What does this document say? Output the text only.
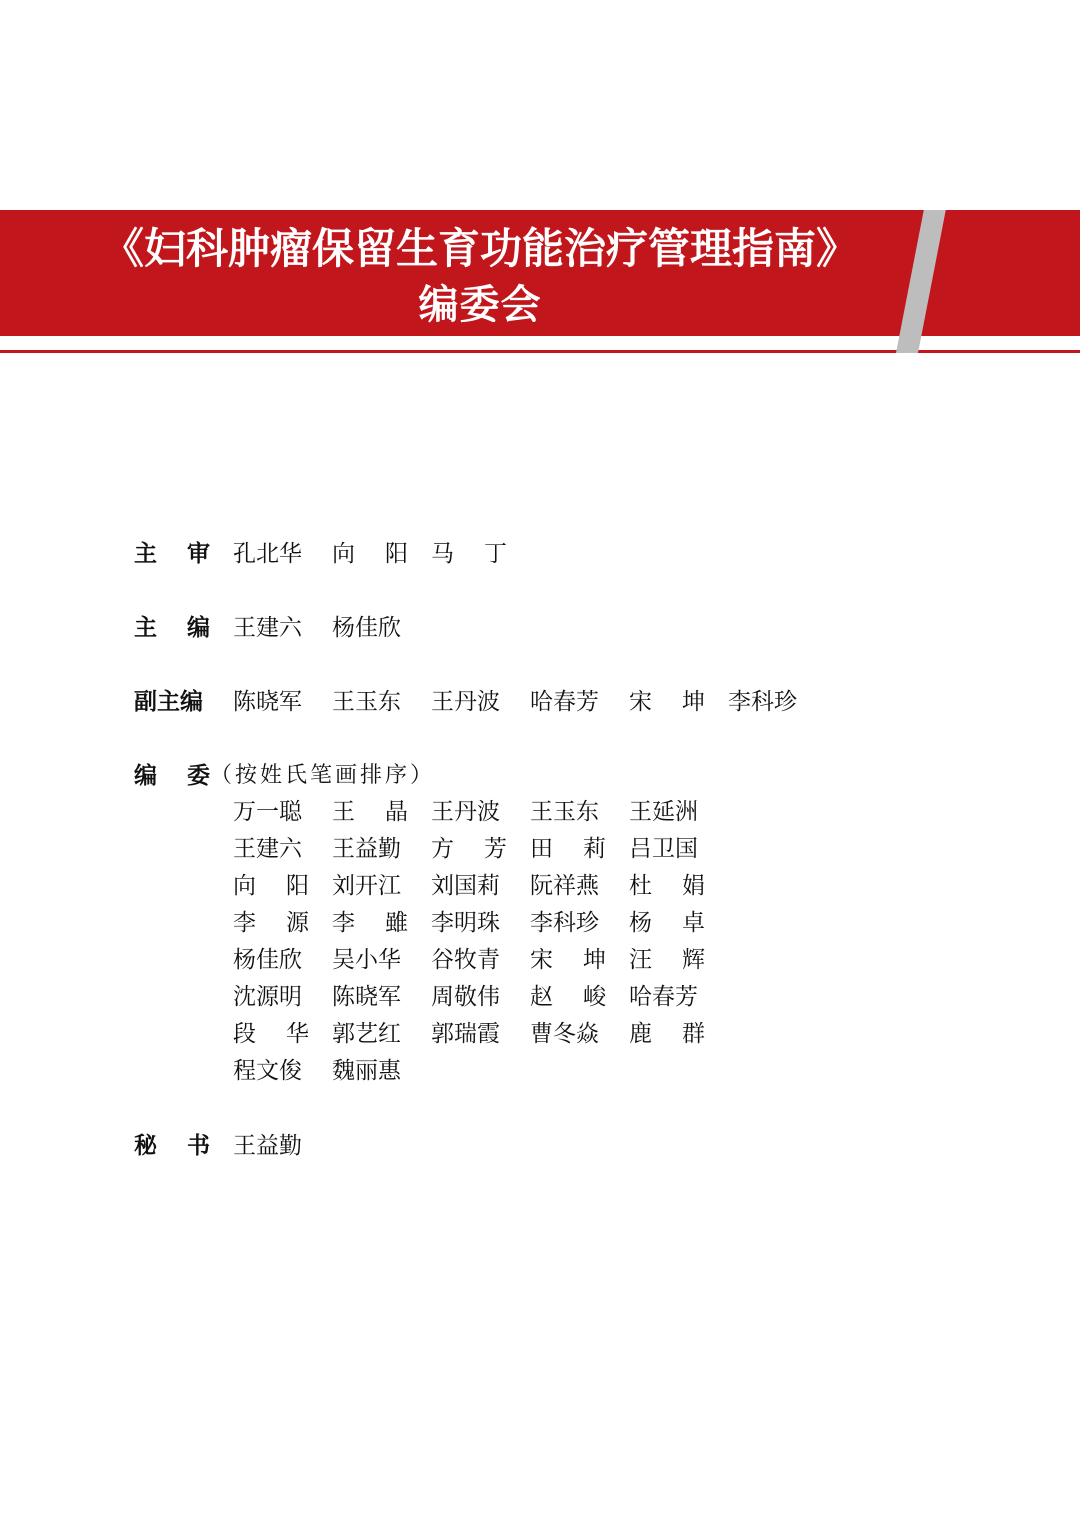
《妇科肿瘤保留生育功能治疗管理指南》
编委会
主 审 孔北华 向 阳 马 丁
主 编 王建六 杨佳欣
副主编	陈晓军 王玉东 王丹波 哈春芳 宋 坤 李科珍
编 委 （按姓氏笔画排序）
万一聪 王 晶 王丹波 王玉东 王延洲
王建六 王益勤 方 芳 田 莉 吕卫国
向 阳 刘开江 刘国莉 阮祥燕 杜 娟
李 源 李 雖 李明珠 李科珍 杨 卓
杨佳欣 吴小华 谷牧青 宋 坤 汪 辉
沈源明 陈晓军 周敬伟 赵 峻 哈春芳
段 华 郭艺红 郭瑞霞 曹冬焱 鹿 群
程文俊 魏丽惠
秘 书 王益勤
